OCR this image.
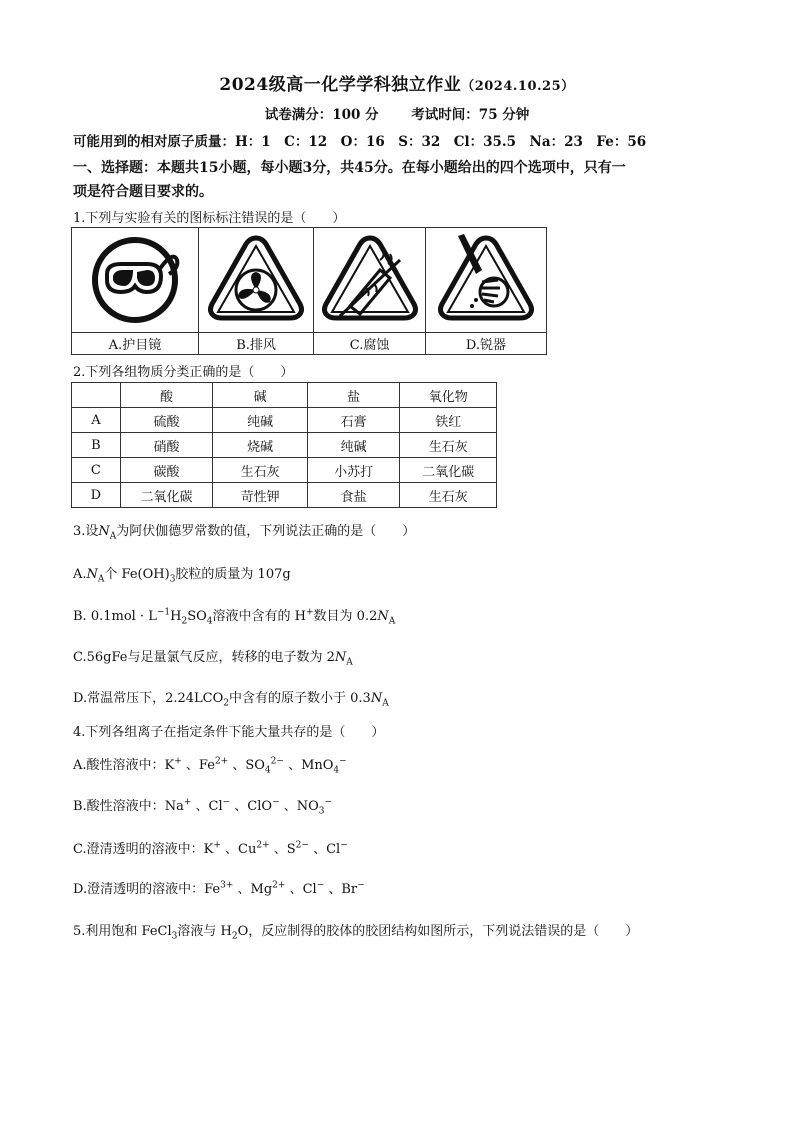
2024级高一化学学科独立作业（2024.10.25）
试卷满分：100 分 考试时间：75 分钟
可能用到的相对原子质量：H：1　C：12　O：16　S：32　Cl：35.5　Na：23　Fe：56
一、选择题：本题共15小题，每小题3分，共45分。在每小题给出的四个选项中，只有一
项是符合题目要求的。
1.下列与实验有关的图标标注错误的是（　　）

A.护目镜	B.排风	C.腐蚀	D.锐器
2.下列各组物质分类正确的是（　　）
	酸	碱	盐	氧化物
A	硫酸	纯碱	石膏	铁红
B	硝酸	烧碱	纯碱	生石灰
C	碳酸	生石灰	小苏打	二氧化碳
D	二氧化碳	苛性钾	食盐	生石灰
3.设$N_A$为阿伏伽德罗常数的值，下列说法正确的是（　　）
$A.N_A$个 $Fe(OH)_3$胶粒的质量为 107g
B. $0.1mol \cdot L^{-1}H_2SO_4$溶液中含有的 H+数目为 $0.2N_A$
C.56gFe与足量氯气反应，转移的电子数为 $2N_A$
D.常温常压下，$2.24LCO_2$中含有的原子数小于 $0.3N_A$
4.下列各组离子在指定条件下能大量共存的是（　　）
A.酸性溶液中：K+ 、$Fe^{2+}$ 、$SO_4^{2-}$ 、MnO$_4$−
B.酸性溶液中：Na+ 、Cl− 、ClO− 、$NO_3^-$
C.澄清透明的溶液中：K+ 、$Cu^{2+}$ 、$S^{2-}$ 、Cl−
D.澄清透明的溶液中：$Fe^{3+}$ 、$Mg^{2+}$ 、Cl− 、Br−
5.利用饱和 FeCl$_3$溶液与 $H_2O$，反应制得的胶体的胶团结构如图所示，下列说法错误的是（　　）
